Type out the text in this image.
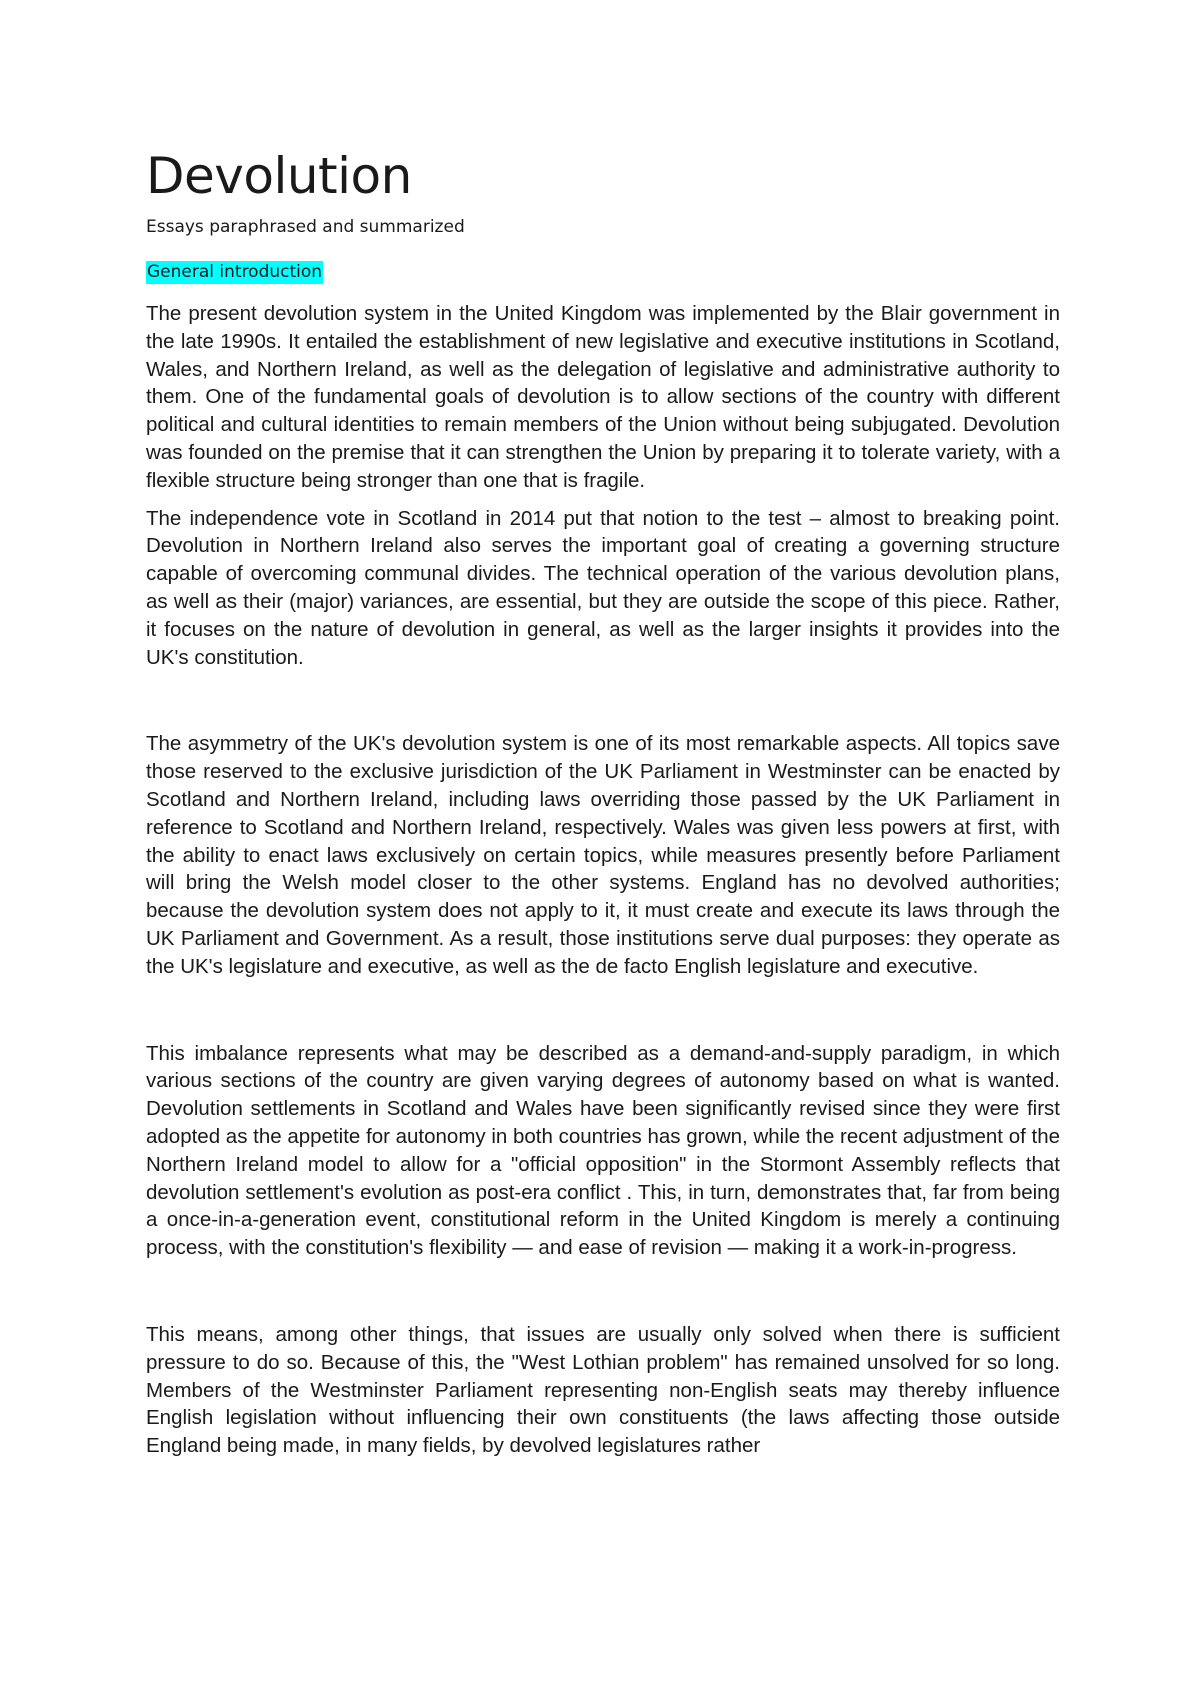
Devolution

Essays paraphrased and summarized

General introduction

The present devolution system in the United Kingdom was implemented by the Blair government in the late 1990s. It entailed the establishment of new legislative and executive institutions in Scotland, Wales, and Northern Ireland, as well as the delegation of legislative and administrative authority to them. One of the fundamental goals of devolution is to allow sections of the country with different political and cultural identities to remain members of the Union without being subjugated. Devolution was founded on the premise that it can strengthen the Union by preparing it to tolerate variety, with a flexible structure being stronger than one that is fragile.

The independence vote in Scotland in 2014 put that notion to the test – almost to breaking point. Devolution in Northern Ireland also serves the important goal of creating a governing structure capable of overcoming communal divides. The technical operation of the various devolution plans, as well as their (major) variances, are essential, but they are outside the scope of this piece. Rather, it focuses on the nature of devolution in general, as well as the larger insights it provides into the UK's constitution.

The asymmetry of the UK's devolution system is one of its most remarkable aspects. All topics save those reserved to the exclusive jurisdiction of the UK Parliament in Westminster can be enacted by Scotland and Northern Ireland, including laws overriding those passed by the UK Parliament in reference to Scotland and Northern Ireland, respectively. Wales was given less powers at first, with the ability to enact laws exclusively on certain topics, while measures presently before Parliament will bring the Welsh model closer to the other systems. England has no devolved authorities; because the devolution system does not apply to it, it must create and execute its laws through the UK Parliament and Government. As a result, those institutions serve dual purposes: they operate as the UK's legislature and executive, as well as the de facto English legislature and executive.

This imbalance represents what may be described as a demand-and-supply paradigm, in which various sections of the country are given varying degrees of autonomy based on what is wanted. Devolution settlements in Scotland and Wales have been significantly revised since they were first adopted as the appetite for autonomy in both countries has grown, while the recent adjustment of the Northern Ireland model to allow for a "official opposition" in the Stormont Assembly reflects that devolution settlement's evolution as post-era conflict . This, in turn, demonstrates that, far from being a once-in-a-generation event, constitutional reform in the United Kingdom is merely a continuing process, with the constitution's flexibility — and ease of revision — making it a work-in-progress.

This means, among other things, that issues are usually only solved when there is sufficient pressure to do so. Because of this, the "West Lothian problem" has remained unsolved for so long. Members of the Westminster Parliament representing non-English seats may thereby influence English legislation without influencing their own constituents (the laws affecting those outside England being made, in many fields, by devolved legislatures rather
